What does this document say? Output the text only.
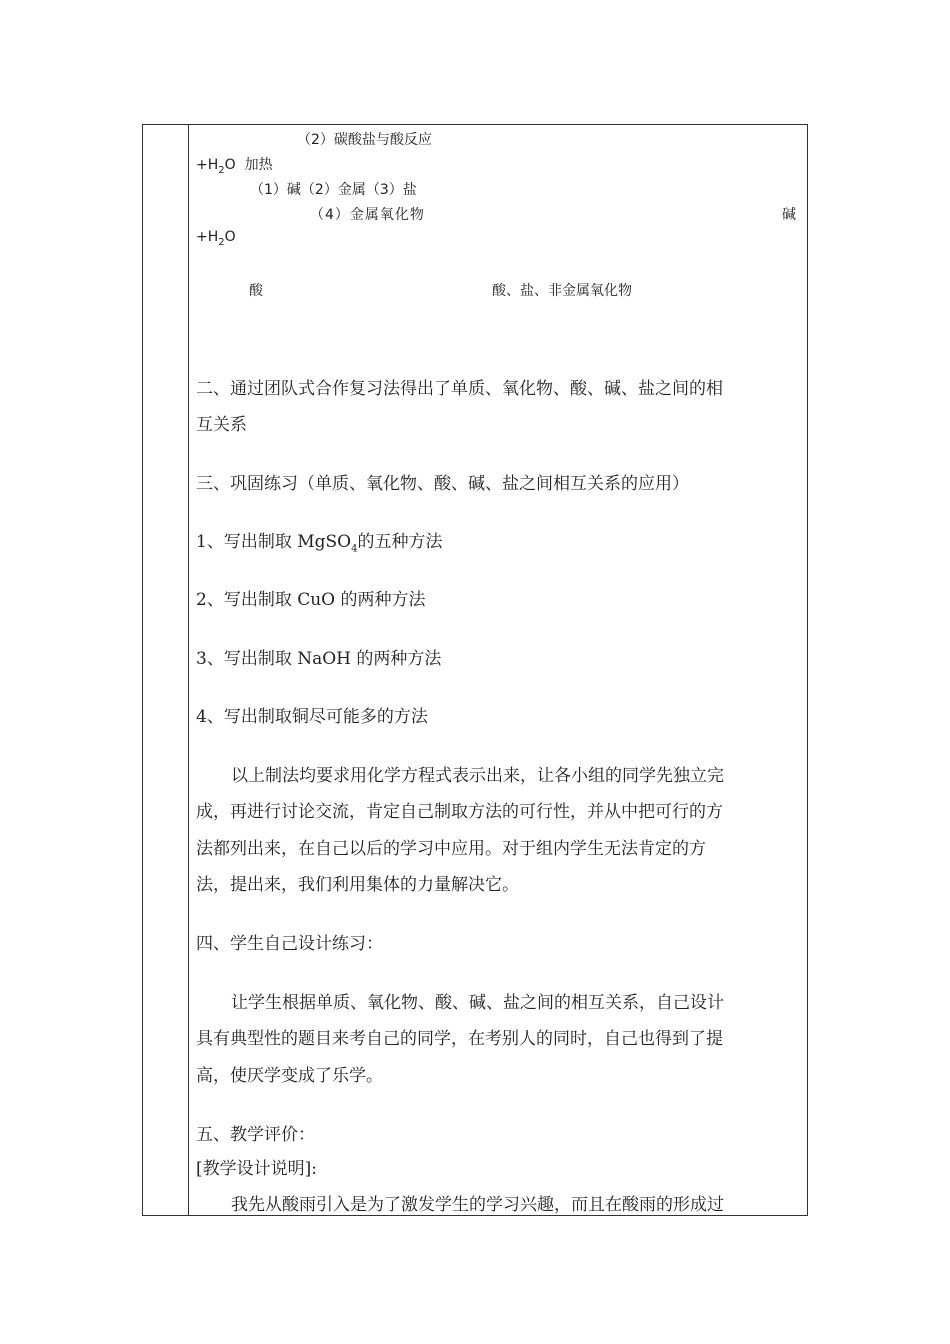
（2）碳酸盐与酸反应
$+H_2O$ 加热
（1）碱（2）金属（3）盐
（4）金属氧化物	碱
$+H_2O$
酸	酸、盐、非金属氧化物
二、通过团队式合作复习法得出了单质、氧化物、酸、碱、盐之间的相
互关系
三、巩固练习（单质、氧化物、酸、碱、盐之间相互关系的应用）
1、写出制取 MgSO$_4$的五种方法
2、写出制取 CuO 的两种方法
3、写出制取 NaOH 的两种方法
4、写出制取铜尽可能多的方法
以上制法均要求用化学方程式表示出来，让各小组的同学先独立完
成，再进行讨论交流，肯定自己制取方法的可行性，并从中把可行的方
法都列出来，在自己以后的学习中应用。对于组内学生无法肯定的方
法，提出来，我们利用集体的力量解决它。
四、学生自己设计练习：
让学生根据单质、氧化物、酸、碱、盐之间的相互关系，自己设计
具有典型性的题目来考自己的同学，在考别人的同时，自己也得到了提
高，使厌学变成了乐学。
五、教学评价：
[教学设计说明]:
我先从酸雨引入是为了激发学生的学习兴趣，而且在酸雨的形成过
